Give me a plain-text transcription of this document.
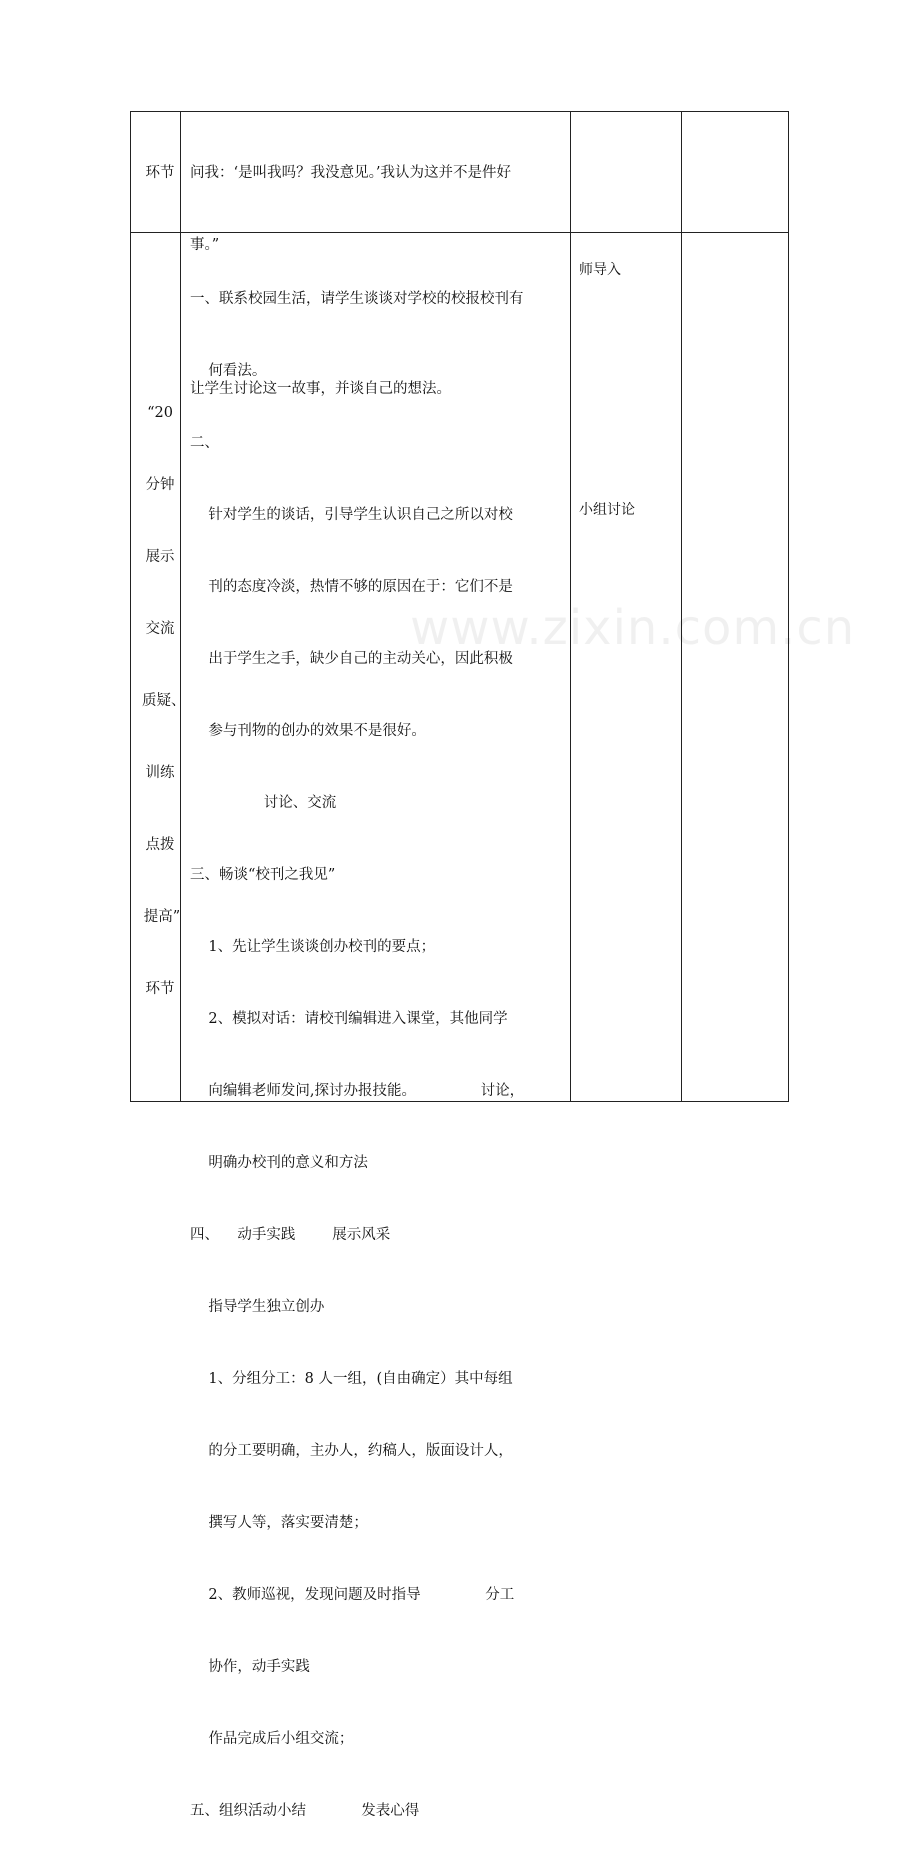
环节

	问我：‘是叫我吗？我没意见。’我认为这并不是件好

事。”

让学生讨论这一故事，并谈自己的想法。

“20

分钟

展示

交流

质疑、

训练

点拨

提高”

环节

一、联系校园生活，请学生谈谈对学校的校报校刊有

何看法。

二、

针对学生的谈话，引导学生认识自己之所以对校

刊的态度冷淡，热情不够的原因在于：它们不是

出于学生之手，缺少自己的主动关心，因此积极

参与刊物的创办的效果不是很好。

讨论、交流

三、畅谈“校刊之我见”

1、先让学生谈谈创办校刊的要点；

2、模拟对话：请校刊编辑进入课堂，其他同学

向编辑老师发问,探讨办报技能。              讨论，

明确办校刊的意义和方法

四、    动手实践        展示风采

指导学生独立创办

1、分组分工：8 人一组，(自由确定）其中每组

的分工要明确，主办人，约稿人，版面设计人，

撰写人等，落实要清楚；

2、教师巡视，发现问题及时指导              分工

协作，动手实践

作品完成后小组交流；

五、组织活动小结            发表心得

师导入
小组讨论
www.zixin.com.cn
